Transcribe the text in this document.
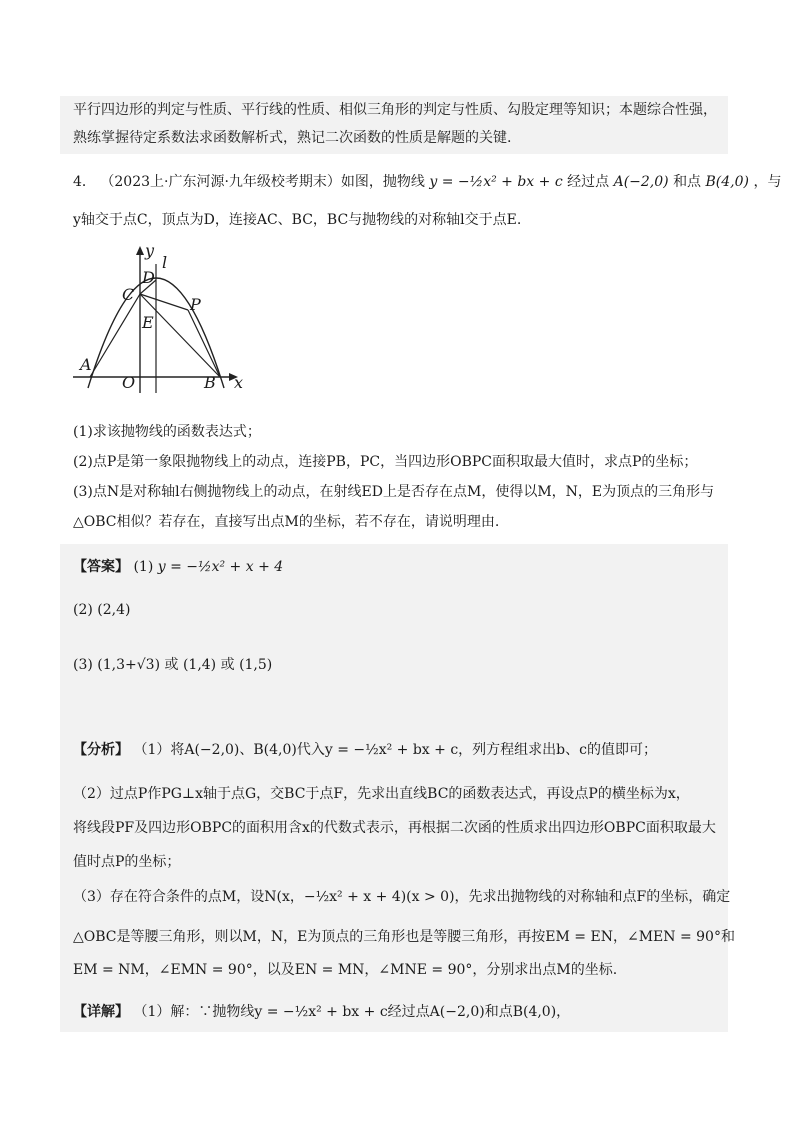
平行四边形的判定与性质、平行线的性质、相似三角形的判定与性质、勾股定理等知识；本题综合性强，
熟练掌握待定系数法求函数解析式，熟记二次函数的性质是解题的关键.
4． （2023上·广东河源·九年级校考期末）如图，抛物线 y = −½x² + bx + c 经过点 A(−2,0) 和点 B(4,0) ，与
y轴交于点C，顶点为D，连接AC、BC，BC与抛物线的对称轴l交于点E.
y
l
D
C
P
E
A
O	B x
(1)求该抛物线的函数表达式；
(2)点P是第一象限抛物线上的动点，连接PB，PC，当四边形OBPC面积取最大值时，求点P的坐标；
(3)点N是对称轴l右侧抛物线上的动点，在射线ED上是否存在点M，使得以M，N，E为顶点的三角形与
△OBC相似？若存在，直接写出点M的坐标，若不存在，请说明理由.
【答案】 (1) y = −½x² + x + 4
(2) (2,4)
(3) (1,3+√3) 或 (1,4) 或 (1,5)
【分析】 （1）将A(−2,0)、B(4,0)代入y = −½x² + bx + c，列方程组求出b、c的值即可；
（2）过点P作PG⊥x轴于点G，交BC于点F，先求出直线BC的函数表达式，再设点P的横坐标为x，
将线段PF及四边形OBPC的面积用含x的代数式表示，再根据二次函的性质求出四边形OBPC面积取最大
值时点P的坐标；
（3）存在符合条件的点M，设N(x，−½x² + x + 4)(x > 0)，先求出抛物线的对称轴和点F的坐标，确定
△OBC是等腰三角形，则以M，N，E为顶点的三角形也是等腰三角形，再按EM = EN，∠MEN = 90°和
EM = NM，∠EMN = 90°，以及EN = MN，∠MNE = 90°，分别求出点M的坐标.
【详解】 （1）解：∵抛物线y = −½x² + bx + c经过点A(−2,0)和点B(4,0)，
